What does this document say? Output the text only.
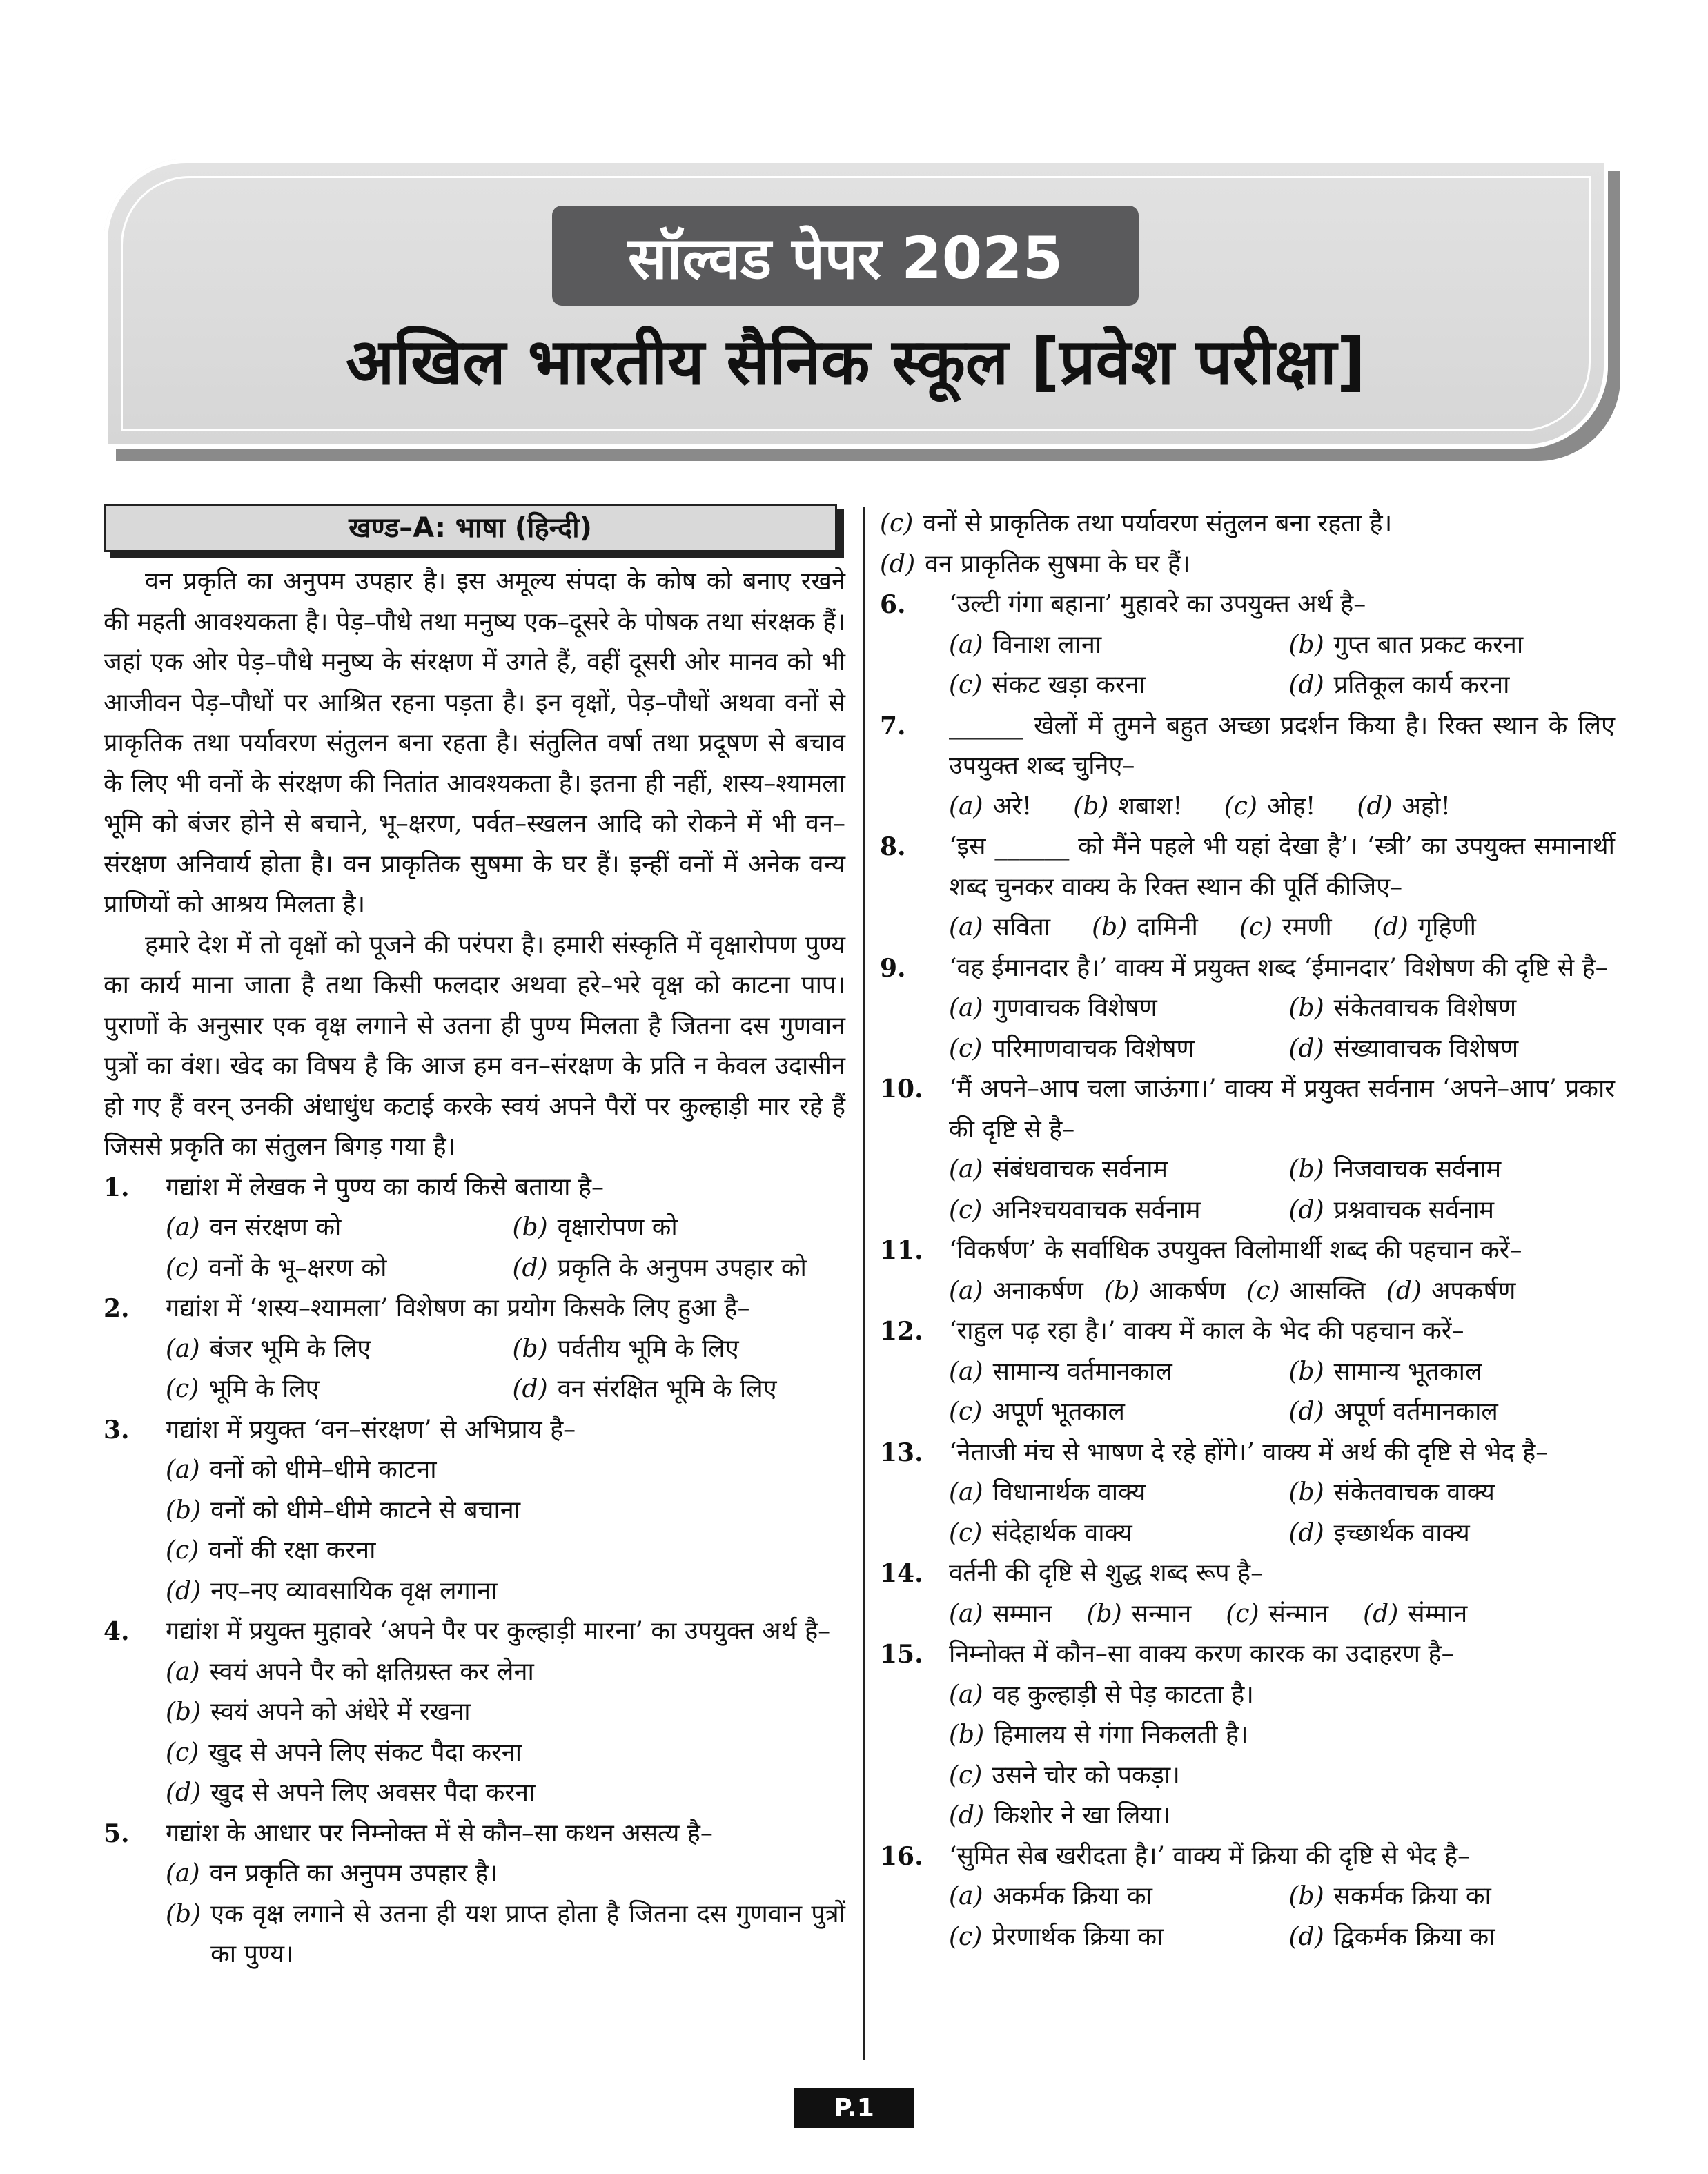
सॉल्वड पेपर 2025
अखिल भारतीय सैनिक स्कूल [प्रवेश परीक्षा]
खण्ड–A: भाषा (हिन्दी)

वन प्रकृति का अनुपम उपहार है। इस अमूल्य संपदा के कोष को बनाए रखने की महती आवश्यकता है। पेड़–पौधे तथा मनुष्य एक–दूसरे के पोषक तथा संरक्षक हैं। जहां एक ओर पेड़–पौधे मनुष्य के संरक्षण में उगते हैं, वहीं दूसरी ओर मानव को भी आजीवन पेड़–पौधों पर आश्रित रहना पड़ता है। इन वृक्षों, पेड़–पौधों अथवा वनों से प्राकृतिक तथा पर्यावरण संतुलन बना रहता है। संतुलित वर्षा तथा प्रदूषण से बचाव के लिए भी वनों के संरक्षण की नितांत आवश्यकता है। इतना ही नहीं, शस्य–श्यामला भूमि को बंजर होने से बचाने, भू–क्षरण, पर्वत–स्खलन आदि को रोकने में भी वन–संरक्षण अनिवार्य होता है। वन प्राकृतिक सुषमा के घर हैं। इन्हीं वनों में अनेक वन्य प्राणियों को आश्रय मिलता है।

हमारे देश में तो वृक्षों को पूजने की परंपरा है। हमारी संस्कृति में वृक्षारोपण पुण्य का कार्य माना जाता है तथा किसी फलदार अथवा हरे–भरे वृक्ष को काटना पाप। पुराणों के अनुसार एक वृक्ष लगाने से उतना ही पुण्य मिलता है जितना दस गुणवान पुत्रों का वंश। खेद का विषय है कि आज हम वन–संरक्षण के प्रति न केवल उदासीन हो गए हैं वरन् उनकी अंधाधुंध कटाई करके स्वयं अपने पैरों पर कुल्हाड़ी मार रहे हैं जिससे प्रकृति का संतुलन बिगड़ गया है।

1. गद्यांश में लेखक ने पुण्य का कार्य किसे बताया है–
(a) वन संरक्षण को	(b) वृक्षारोपण को
(c) वनों के भू–क्षरण को	(d) प्रकृति के अनुपम उपहार को
2. गद्यांश में ‘शस्य–श्यामला’ विशेषण का प्रयोग किसके लिए हुआ है–
(a) बंजर भूमि के लिए	(b) पर्वतीय भूमि के लिए
(c) भूमि के लिए	(d) वन संरक्षित भूमि के लिए
3. गद्यांश में प्रयुक्त ‘वन–संरक्षण’ से अभिप्राय है–
(a) वनों को धीमे–धीमे काटना
(b) वनों को धीमे–धीमे काटने से बचाना
(c) वनों की रक्षा करना
(d) नए–नए व्यावसायिक वृक्ष लगाना
4. गद्यांश में प्रयुक्त मुहावरे ‘अपने पैर पर कुल्हाड़ी मारना’ का उपयुक्त अर्थ है–
(a) स्वयं अपने पैर को क्षतिग्रस्त कर लेना
(b) स्वयं अपने को अंधेरे में रखना
(c) खुद से अपने लिए संकट पैदा करना
(d) खुद से अपने लिए अवसर पैदा करना
5. गद्यांश के आधार पर निम्नोक्त में से कौन–सा कथन असत्य है–
(a) वन प्रकृति का अनुपम उपहार है।
(b) एक वृक्ष लगाने से उतना ही यश प्राप्त होता है जितना दस गुणवान पुत्रों का पुण्य।
(c) वनों से प्राकृतिक तथा पर्यावरण संतुलन बना रहता है।
(d) वन प्राकृतिक सुषमा के घर हैं।
6. ‘उल्टी गंगा बहाना’ मुहावरे का उपयुक्त अर्थ है–
(a) विनाश लाना	(b) गुप्त बात प्रकट करना
(c) संकट खड़ा करना	(d) प्रतिकूल कार्य करना
7. ______ खेलों में तुमने बहुत अच्छा प्रदर्शन किया है। रिक्त स्थान के लिए उपयुक्त शब्द चुनिए–
(a) अरे! (b) शबाश! (c) ओह! (d) अहो!
8. ‘इस ______ को मैंने पहले भी यहां देखा है’। ‘स्त्री’ का उपयुक्त समानार्थी शब्द चुनकर वाक्य के रिक्त स्थान की पूर्ति कीजिए–
(a) सविता (b) दामिनी (c) रमणी (d) गृहिणी
9. ‘वह ईमानदार है।’ वाक्य में प्रयुक्त शब्द ‘ईमानदार’ विशेषण की दृष्टि से है–
(a) गुणवाचक विशेषण	(b) संकेतवाचक विशेषण
(c) परिमाणवाचक विशेषण	(d) संख्यावाचक विशेषण
10. ‘मैं अपने–आप चला जाऊंगा।’ वाक्य में प्रयुक्त सर्वनाम ‘अपने–आप’ प्रकार की दृष्टि से है–
(a) संबंधवाचक सर्वनाम	(b) निजवाचक सर्वनाम
(c) अनिश्चयवाचक सर्वनाम	(d) प्रश्नवाचक सर्वनाम
11. ‘विकर्षण’ के सर्वाधिक उपयुक्त विलोमार्थी शब्द की पहचान करें–
(a) अनाकर्षण (b) आकर्षण (c) आसक्ति (d) अपकर्षण
12. ‘राहुल पढ़ रहा है।’ वाक्य में काल के भेद की पहचान करें–
(a) सामान्य वर्तमानकाल	(b) सामान्य भूतकाल
(c) अपूर्ण भूतकाल	(d) अपूर्ण वर्तमानकाल
13. ‘नेताजी मंच से भाषण दे रहे होंगे।’ वाक्य में अर्थ की दृष्टि से भेद है–
(a) विधानार्थक वाक्य	(b) संकेतवाचक वाक्य
(c) संदेहार्थक वाक्य	(d) इच्छार्थक वाक्य
14. वर्तनी की दृष्टि से शुद्ध शब्द रूप है–
(a) सम्मान (b) सन्मान (c) संन्मान (d) संम्मान
15. निम्नोक्त में कौन–सा वाक्य करण कारक का उदाहरण है–
(a) वह कुल्हाड़ी से पेड़ काटता है।
(b) हिमालय से गंगा निकलती है।
(c) उसने चोर को पकड़ा।
(d) किशोर ने खा लिया।
16. ‘सुमित सेब खरीदता है।’ वाक्य में क्रिया की दृष्टि से भेद है–
(a) अकर्मक क्रिया का	(b) सकर्मक क्रिया का
(c) प्रेरणार्थक क्रिया का	(d) द्विकर्मक क्रिया का
P.1
